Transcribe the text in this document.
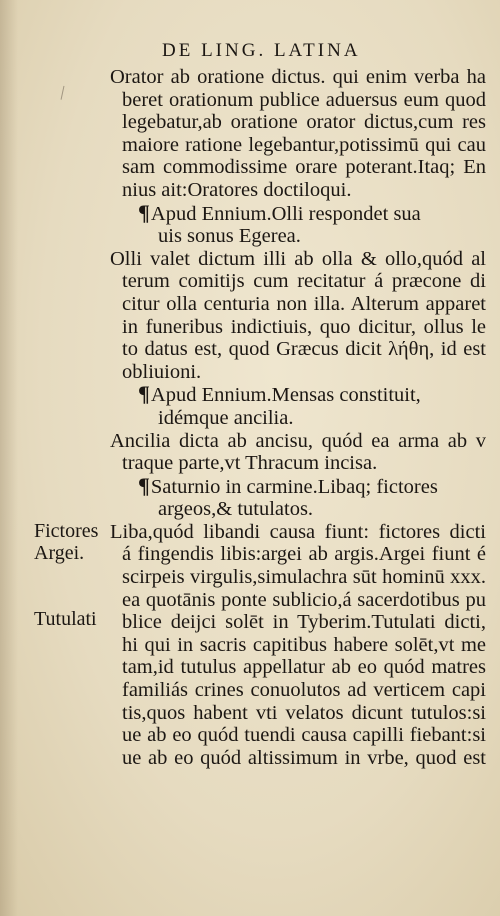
DE LING. LATINA
Fictores
Argei.
Tutulati
Orator ab oratione dictus. qui enim verba ha
beret orationum publice aduersus eum quod
legebatur,ab oratione orator dictus,cum res
maiore ratione legebantur,potissimū qui cau
sam commodissime orare poterant.Itaq; En
nius ait:Oratores doctiloqui.
¶Apud Ennium.Olli respondet sua
uis sonus Egerea.
Olli valet dictum illi ab olla & ollo,quód al
terum comitijs cum recitatur á præcone di
citur olla centuria non illa. Alterum apparet
in funeribus indictiuis, quo dicitur, ollus le
to datus est, quod Græcus dicit λήθη, id est
obliuioni.
¶Apud Ennium.Mensas constituit,
idémque ancilia.
Ancilia dicta ab ancisu, quód ea arma ab v
traque parte,vt Thracum incisa.
¶Saturnio in carmine.Libaq; fictores
argeos,& tutulatos.
Liba,quód libandi causa fiunt: fictores dicti
á fingendis libis:argei ab argis.Argei fiunt é
scirpeis virgulis,simulachra sūt hominū xxx.
ea quotānis ponte sublicio,á sacerdotibus pu
blice deijci solēt in Tyberim.Tutulati dicti,
hi qui in sacris capitibus habere solēt,vt me
tam,id tutulus appellatur ab eo quód matres
familiás crines conuolutos ad verticem capi
tis,quos habent vti velatos dicunt tutulos:si
ue ab eo quód tuendi causa capilli fiebant:si
ue ab eo quód altissimum in vrbe, quod est
